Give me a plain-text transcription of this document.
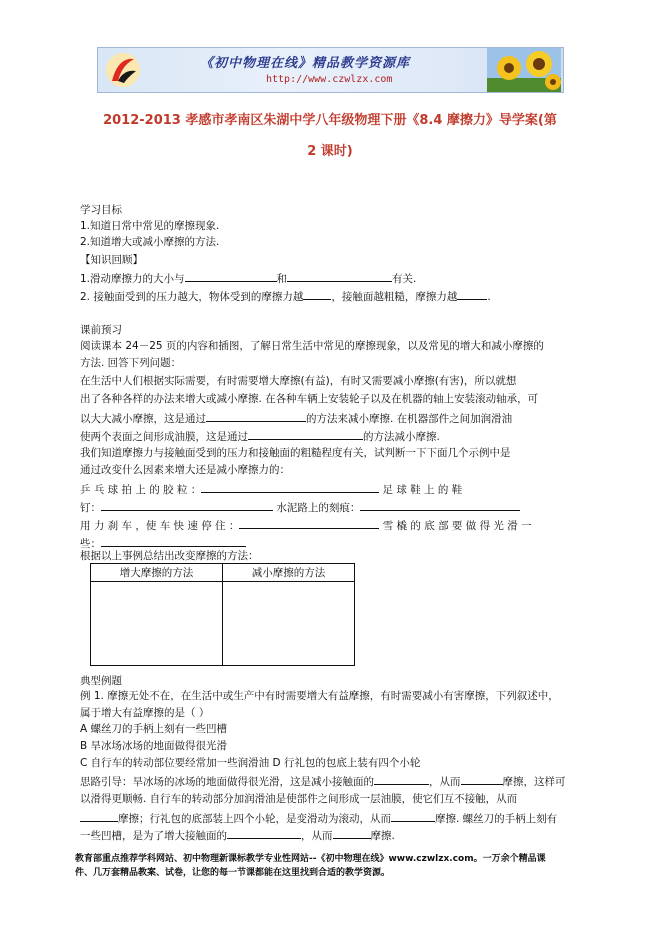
《初中物理在线》精品教学资源库
http://www.czwlzx.com
2012-2013 孝感市孝南区朱湖中学八年级物理下册《8.4 摩擦力》导学案(第
2 课时)
学习目标
1.知道日常中常见的摩擦现象.
2.知道增大或减小摩擦的方法.
【知识回顾】
1.滑动摩擦力的大小与	和	有关.
2. 接触面受到的压力越大，物体受到的摩擦力越	，接触面越粗糙，摩擦力越	.
课前预习
阅读课本 24－25 页的内容和插图，了解日常生活中常见的摩擦现象，以及常见的增大和减小摩擦的
方法. 回答下列问题：
在生活中人们根据实际需要，有时需要增大摩擦(有益)，有时又需要减小摩擦(有害)，所以就想
出了各种各样的办法来增大或减小摩擦. 在各种车辆上安装轮子以及在机器的轴上安装滚动轴承，可
以大大减小摩擦，这是通过	的方法来减小摩擦. 在机器部件之间加润滑油
使两个表面之间形成油膜，这是通过	的方法减小摩擦.
我们知道摩擦力与接触面受到的压力和接触面的粗糙程度有关，试判断一下下面几个示例中是
通过改变什么因素来增大还是减小摩擦力的：
乒 乓 球 拍 上 的 胶 粒 ：	足 球 鞋 上 的 鞋
钉：	水泥路上的刻痕：
用 力 刹 车 ，使 车 快 速 停 住 ：	雪 橇 的 底 部 要 做 得 光 滑 一
些：
根据以上事例总结出改变摩擦的方法：
增大摩擦的方法	减小摩擦的方法

典型例题
例 1. 摩擦无处不在，在生活中或生产中有时需要增大有益摩擦，有时需要减小有害摩擦，下列叙述中，
属于增大有益摩擦的是（ ）
A 螺丝刀的手柄上刻有一些凹槽
B 旱冰场冰场的地面做得很光滑
C 自行车的转动部位要经常加一些润滑油 D 行礼包的包底上装有四个小轮
思路引导：旱冰场的冰场的地面做得很光滑，这是减小接触面的	，从而	摩擦，这样可
以滑得更顺畅. 自行车的转动部分加润滑油是使部件之间形成一层油膜，使它们互不接触，从而
摩擦；行礼包的底部装上四个小轮，是变滑动为滚动，从而	摩擦. 螺丝刀的手柄上刻有
一些凹槽，是为了增大接触面的	，从而	摩擦.
教育部重点推荐学科网站、初中物理新课标教学专业性网站--《初中物理在线》www.czwlzx.com。一万余个精品课
件、几万套精品教案、试卷，让您的每一节课都能在这里找到合适的教学资源。
